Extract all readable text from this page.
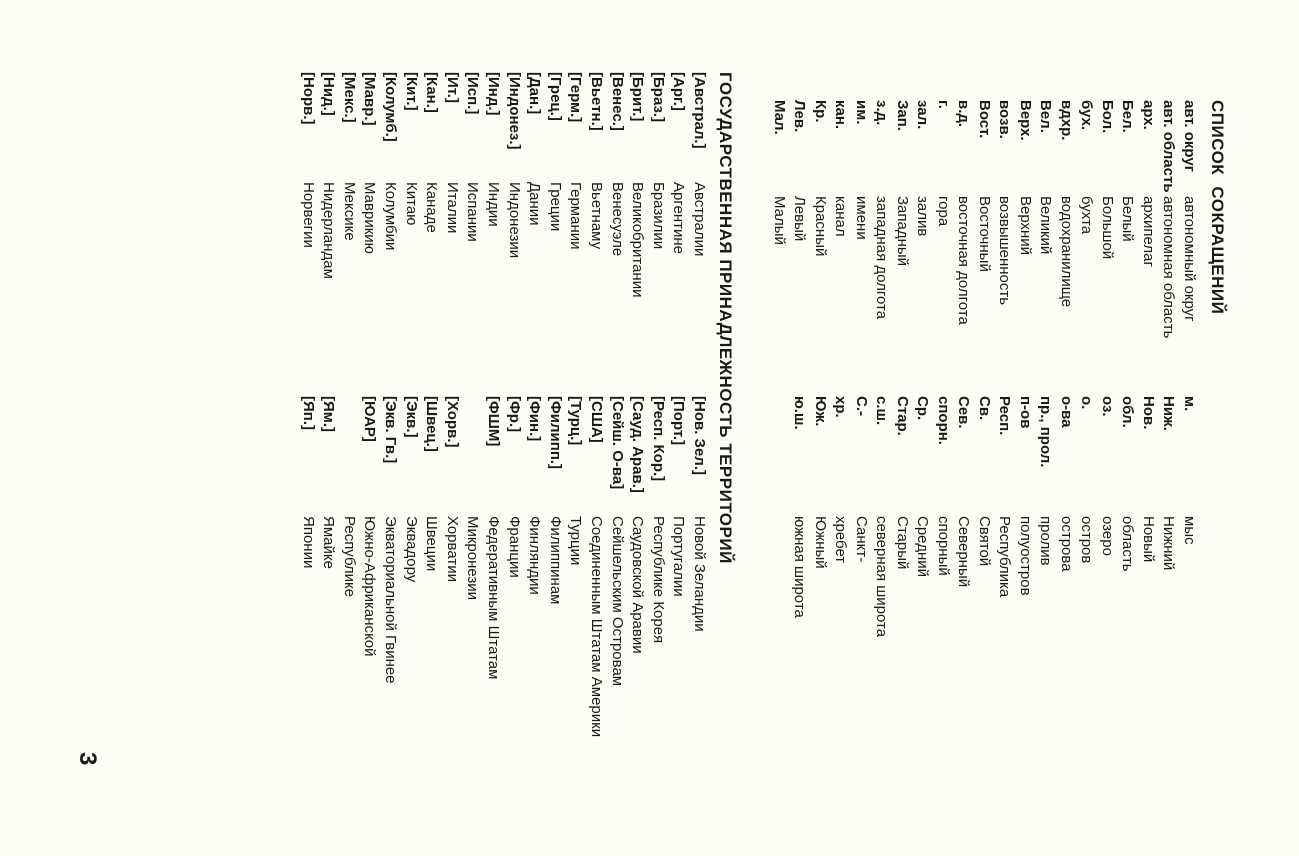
СПИСОК СОКРАЩЕНИЙ
авт. округ
автономный округ
авт. область
автономная область
арх.
архипелаг
Бел.
Белый
Бол.
Большой
бух.
бухта
вдхр.
водохранилище
Вел.
Великий
Верх.
Верхний
возв.
возвышенность
Вост.
Восточный
в.д.
восточная долгота
г.
гора
зал.
залив
Зап.
Западный
з.д.
западная долгота
им.
имени
кан.
канал
Кр.
Красный
Лев.
Левый
Мал.
Малый
м.
мыс
Ниж.
Нижний
Нов.
Новый
обл.
область
оз.
озеро
о.
остров
о-ва
острова
пр., прол.
пролив
п-ов
полуостров
Респ.
Республика
Св.
Святой
Сев.
Северный
спорн.
спорный
Ср.
Средний
Стар.
Старый
с.ш.
северная широта
С.-
Санкт-
хр.
хребет
Юж.
Южный
ю.ш.
южная широта
ГОСУДАРСТВЕННАЯ ПРИНАДЛЕЖНОСТЬ ТЕРРИТОРИЙ
[Австрал.]
Австралии
[Арг.]
Аргентине
[Браз.]
Бразилии
[Брит.]
Великобритании
[Венес.]
Венесуэле
[Вьетн.]
Вьетнаму
[Герм.]
Германии
[Грец.]
Греции
[Дан.]
Дании
[Индонез.]
Индонезии
[Инд.]
Индии
[Исп.]
Испании
[Ит.]
Италии
[Кан.]
Канаде
[Кит.]
Китаю
[Колумб.]
Колумбии
[Мавр.]
Маврикию
[Мекс.]
Мексике
[Нид.]
Нидерландам
[Норв.]
Норвегии
[Нов. Зел.]
Новой Зеландии
[Порт.]
Португалии
[Респ. Кор.]
Республике Корея
[Сауд. Арав.]
Саудовской Аравии
[Сейш. О-ва]
Сейшельским Островам
[США]
Соединенным Штатам Америки
[Турц.]
Турции
[Филипп.]
Филиппинам
[Фин.]
Финляндии
[Фр.]
Франции
[ФШМ]
Федеративным Штатам
Микронезии
[Хорв.]
Хорватии
[Швец.]
Швеции
[Экв.]
Эквадору
[Экв. Гв.]
Экваториальной Гвинее
[ЮАР]
Южно-Африканской
Республике
[Ям.]
Ямайке
[Яп.]
Японии
3
